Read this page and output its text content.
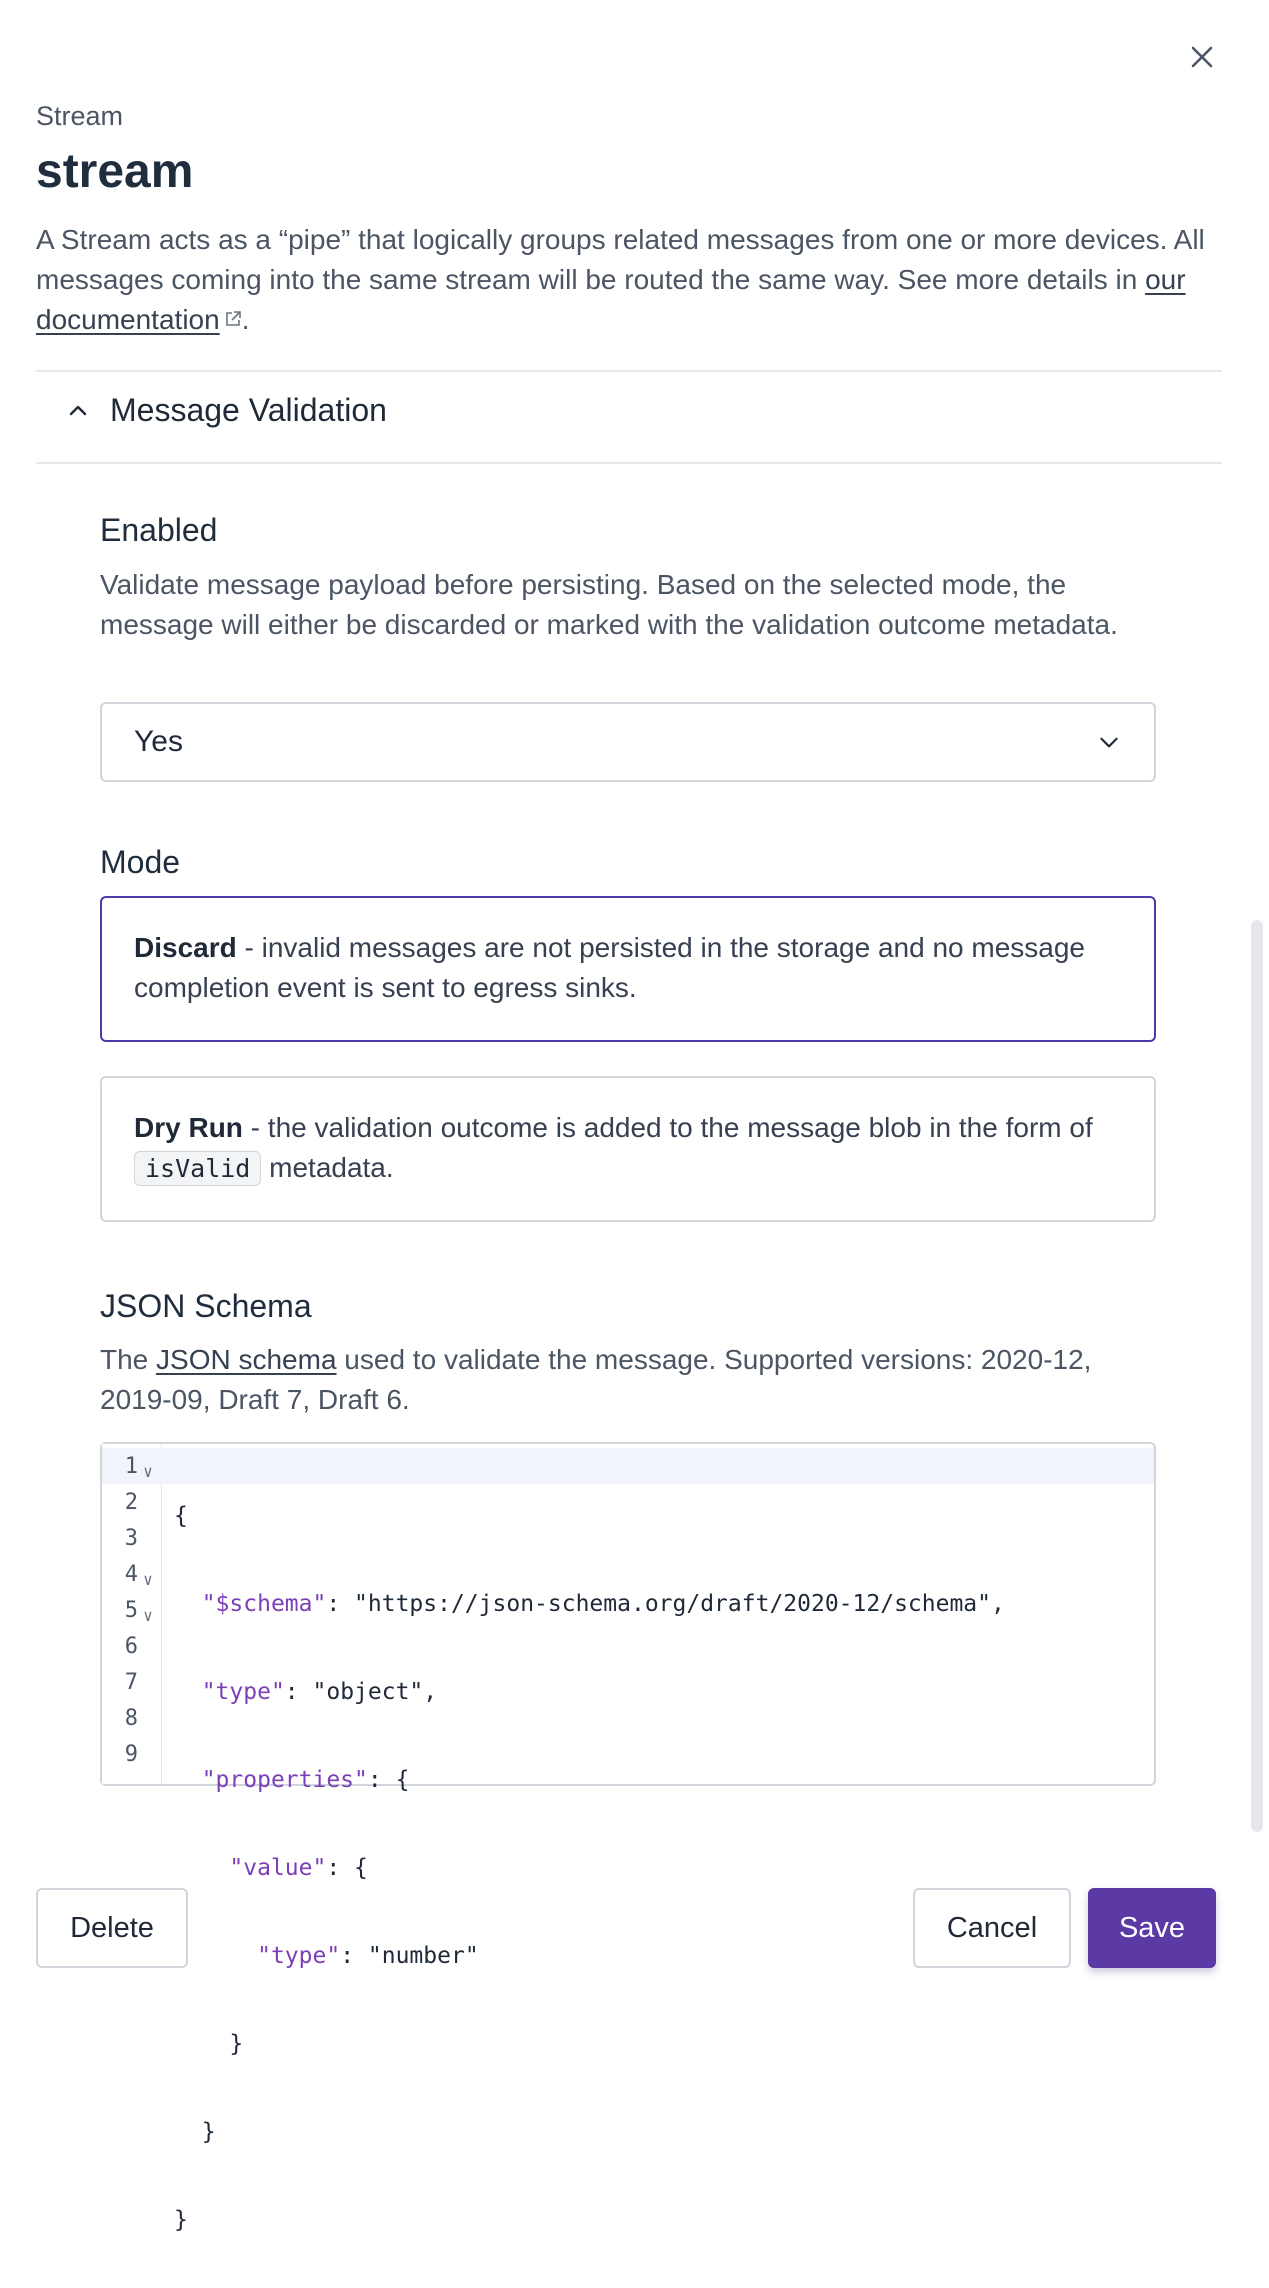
Stream
stream

A Stream acts as a “pipe” that logically groups related messages from one or more devices. All messages coming into the same stream will be routed the same way. See more details in our documentation .

Message Validation
Enabled
Validate message payload before persisting. Based on the selected mode, the message will either be discarded or marked with the validation outcome metadata.
Yes
Mode
Discard - invalid messages are not persisted in the storage and no message completion event is sent to egress sinks.
Dry Run - the validation outcome is added to the message blob in the form of isValid metadata.
JSON Schema
The JSON schema used to validate the message. Supported versions: 2020-12, 2019-09, Draft 7, Draft 6.
1 ∨
2
3
4 ∨
5 ∨
6
7
8
9

{

"$schema": "https://json-schema.org/draft/2020-12/schema",

"type": "object",

"properties": {

"value": {

"type": "number"

}

}

}

Delete	Cancel	Save
